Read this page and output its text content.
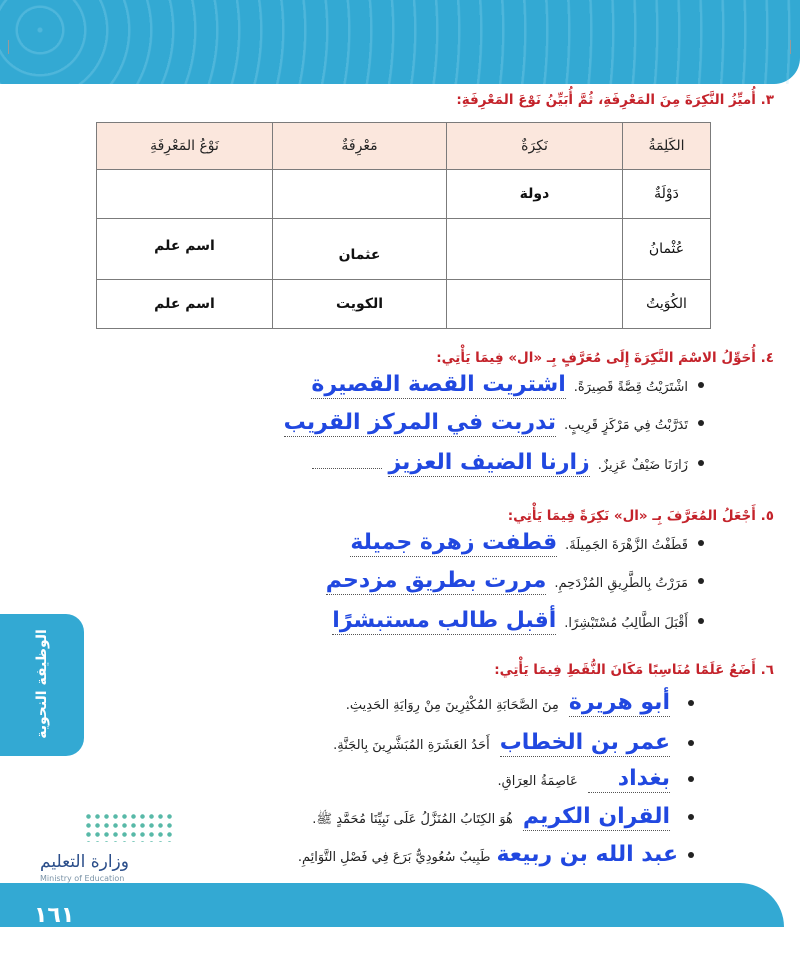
٣. أُميِّزُ النَّكِرَةَ مِنَ المَعْرِفَةِ، ثُمَّ أُبَيِّنُ نَوْعَ المَعْرِفَةِ:
الكَلِمَةُ	نَكِرَةٌ	مَعْرِفَةٌ	نَوْعُ المَعْرِفَةِ
دَوْلَةٌ	دولة		
عُثْمانُ		عثمان	اسم علم
الكُوَيتُ		الكويت	اسم علم
٤. أُحَوِّلُ الاسْمَ النَّكِرَةَ إِلَى مُعَرَّفٍ بِـ «ال» فِيمَا يَأْتِي:
اشْتَرَيْتُ قِصَّةً قَصِيرَةً.
اشتريت القصة القصيرة
تَدَرَّبْتُ فِي مَرْكَزٍ قَرِيبٍ.
تدربت في المركز القريب
زَارَنَا ضَيْفٌ عَزِيزٌ.
زارنا الضيف العزيز
٥. أَجْعَلُ المُعَرَّفَ بِـ «ال» نَكِرَةً فِيمَا يَأْتِي:
قَطَفْتُ الزَّهْرَةَ الجَمِيلَةَ.
قطفت زهرة جميلة
مَرَرْتُ بِالطَّرِيقِ المُزْدَحِمِ.
مررت بطريق مزدحم
أَقْبَلَ الطَّالِبُ مُسْتَبْشِرًا.
أقبل طالب مستبشرًا
الوظيفة النحوية	٦. أَضَعُ عَلَمًا مُنَاسِبًا مَكَانَ النُّقَطِ فِيمَا يَأْتِي:
أبو هريرة
مِنَ الصَّحَابَةِ المُكْثِرِينَ مِنْ رِوَايَةِ الحَدِيثِ.
عمر بن الخطاب
أَحَدُ العَشَرَةِ المُبَشَّرِينَ بِالجَنَّةِ.
بغداد
عَاصِمَةُ العِرَاقِ.
القران الكريم
هُوَ الكِتَابُ المُنَزَّلُ عَلَى نَبِيِّنَا مُحَمَّدٍ ﷺ.
عبد الله بن ربيعة
طَبِيبٌ سُعُودِيٌّ بَرَعَ فِي فَصْلِ التَّوَائِمِ.
وزارة التعليم
Ministry of Education
١٦١
